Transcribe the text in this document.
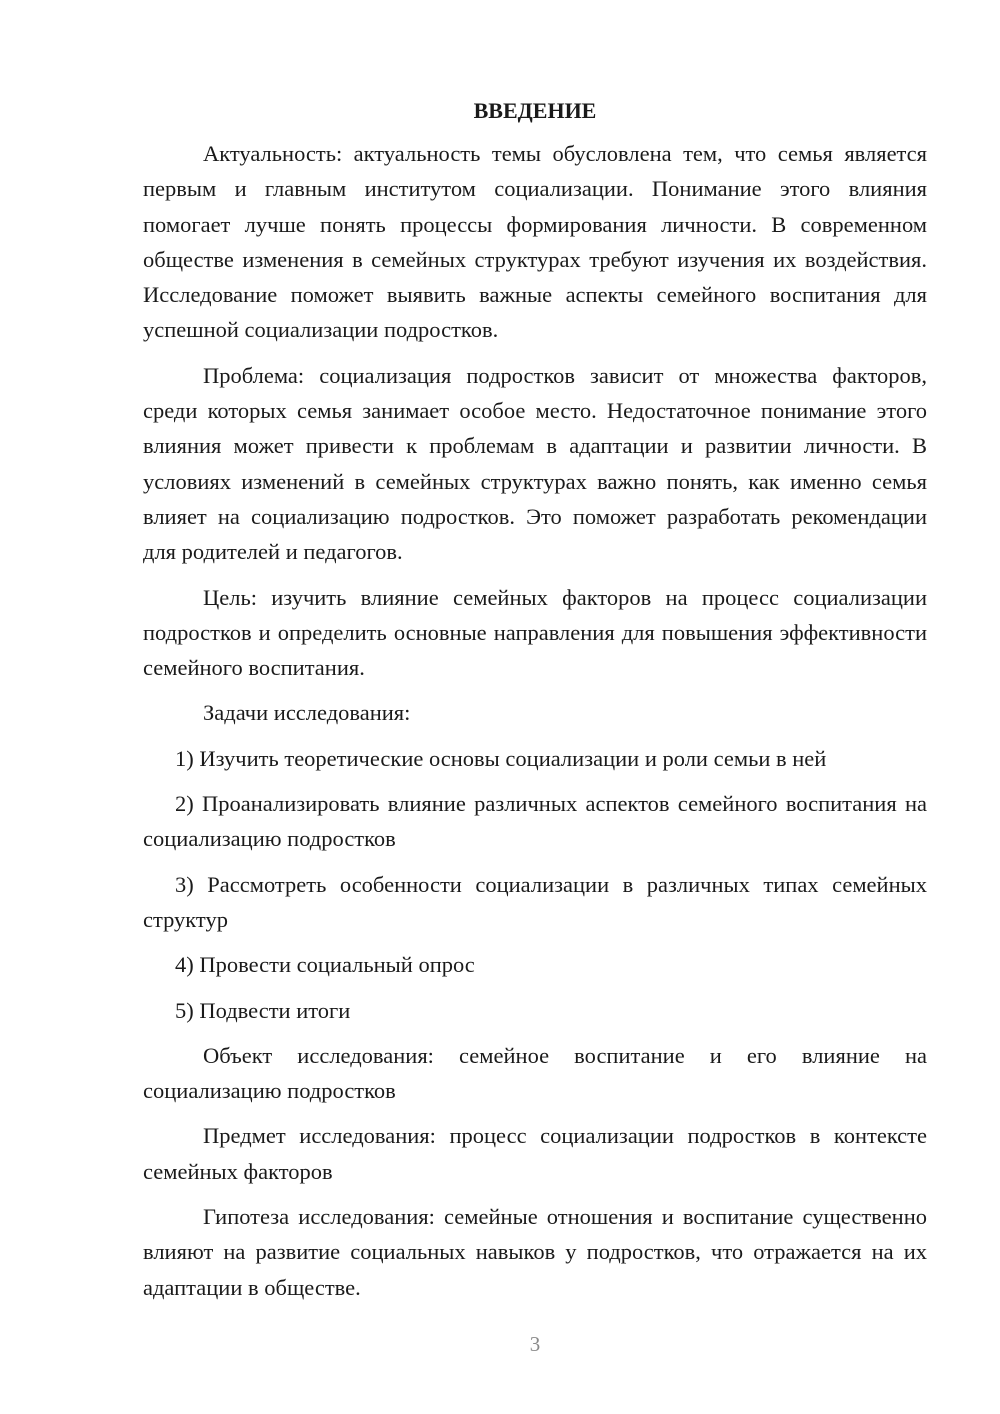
ВВЕДЕНИЕ

Актуальность: актуальность темы обусловлена тем, что семья является первым и главным институтом социализации. Понимание этого влияния помогает лучше понять процессы формирования личности. В современном обществе изменения в семейных структурах требуют изучения их воздействия. Исследование поможет выявить важные аспекты семейного воспитания для успешной социализации подростков.

Проблема: социализация подростков зависит от множества факторов, среди которых семья занимает особое место. Недостаточное понимание этого влияния может привести к проблемам в адаптации и развитии личности. В условиях изменений в семейных структурах важно понять, как именно семья влияет на социализацию подростков. Это поможет разработать рекомендации для родителей и педагогов.

Цель: изучить влияние семейных факторов на процесс социализации подростков и определить основные направления для повышения эффективности семейного воспитания.

Задачи исследования:

1) Изучить теоретические основы социализации и роли семьи в ней

2) Проанализировать влияние различных аспектов семейного воспитания на социализацию подростков

3) Рассмотреть особенности социализации в различных типах семейных структур

4) Провести социальный опрос

5) Подвести итоги

Объект исследования: семейное воспитание и его влияние на социализацию подростков

Предмет исследования: процесс социализации подростков в контексте семейных факторов

Гипотеза исследования: семейные отношения и воспитание существенно влияют на развитие социальных навыков у подростков, что отражается на их адаптации в обществе.

3
